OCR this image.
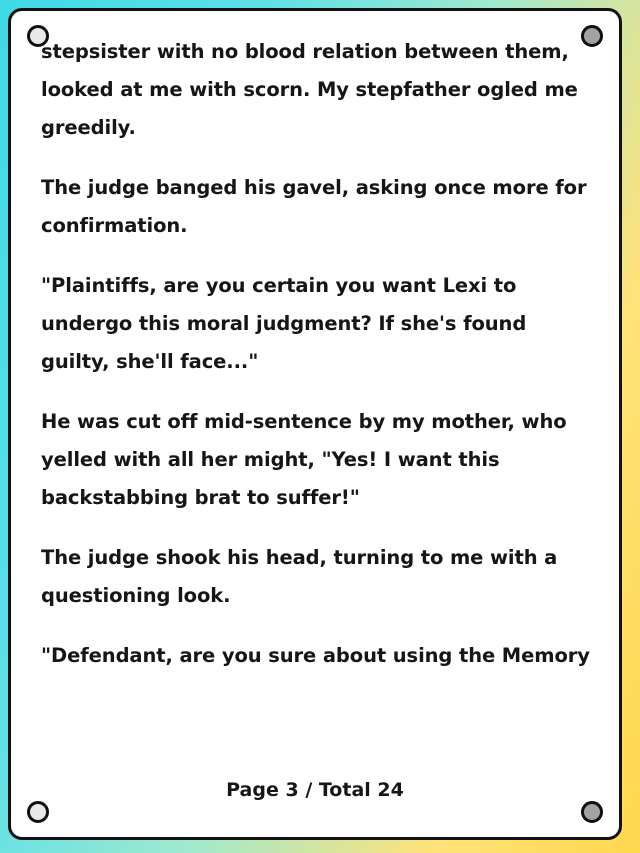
stepsister with no blood relation between them, looked at me with scorn. My stepfather ogled me greedily.

The judge banged his gavel, asking once more for confirmation.

"Plaintiffs, are you certain you want Lexi to undergo this moral judgment? If she's found guilty, she'll face..."

He was cut off mid-sentence by my mother, who yelled with all her might, "Yes! I want this backstabbing brat to suffer!"

The judge shook his head, turning to me with a questioning look.

"Defendant, are you sure about using the Memory

Page 3 / Total 24
